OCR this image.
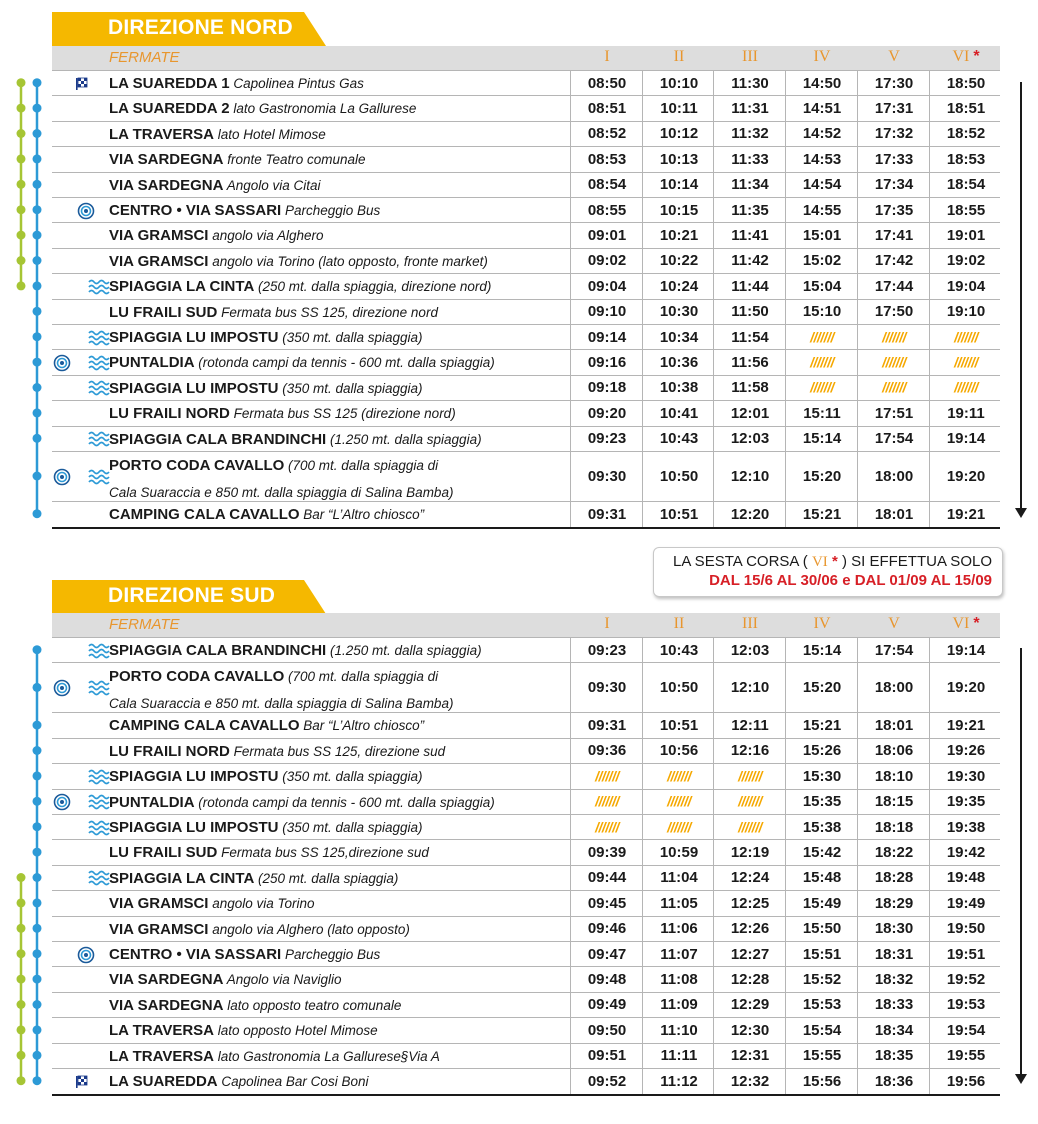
DIREZIONE NORD
FERMATE	I	II	III	IV	V	VI *
LA SUAREDDA 1 Capolinea Pintus Gas	08:50	10:10	11:30	14:50	17:30	18:50
LA SUAREDDA 2 lato Gastronomia La Gallurese	08:51	10:11	11:31	14:51	17:31	18:51
LA TRAVERSA lato Hotel Mimose	08:52	10:12	11:32	14:52	17:32	18:52
VIA SARDEGNA fronte Teatro comunale	08:53	10:13	11:33	14:53	17:33	18:53
VIA SARDEGNA Angolo via Citai	08:54	10:14	11:34	14:54	17:34	18:54
CENTRO • VIA SASSARI Parcheggio Bus	08:55	10:15	11:35	14:55	17:35	18:55
VIA GRAMSCI angolo via Alghero	09:01	10:21	11:41	15:01	17:41	19:01
VIA GRAMSCI angolo via Torino (lato opposto, fronte market)	09:02	10:22	11:42	15:02	17:42	19:02
SPIAGGIA LA CINTA (250 mt. dalla spiaggia, direzione nord)	09:04	10:24	11:44	15:04	17:44	19:04
LU FRAILI SUD Fermata bus SS 125, direzione nord	09:10	10:30	11:50	15:10	17:50	19:10
SPIAGGIA LU IMPOSTU (350 mt. dalla spiaggia)	09:14	10:34	11:54	///////	///////	///////
PUNTALDIA (rotonda campi da tennis - 600 mt. dalla spiaggia)	09:16	10:36	11:56	///////	///////	///////
SPIAGGIA LU IMPOSTU (350 mt. dalla spiaggia)	09:18	10:38	11:58	///////	///////	///////
LU FRAILI NORD Fermata bus SS 125 (direzione nord)	09:20	10:41	12:01	15:11	17:51	19:11
SPIAGGIA CALA BRANDINCHI (1.250 mt. dalla spiaggia)	09:23	10:43	12:03	15:14	17:54	19:14
PORTO CODA CAVALLO (700 mt. dalla spiaggia di
Cala Suaraccia e 850 mt. dalla spiaggia di Salina Bamba)
09:30	10:50	12:10	15:20	18:00	19:20
CAMPING CALA CAVALLO Bar “L’Altro chiosco”	09:31	10:51	12:20	15:21	18:01	19:21
LA SESTA CORSA ( VI * ) SI EFFETTUA SOLO
DAL 15/6 AL 30/06 e DAL 01/09 AL 15/09
DIREZIONE SUD
FERMATE	I	II	III	IV	V	VI *
SPIAGGIA CALA BRANDINCHI (1.250 mt. dalla spiaggia)	09:23	10:43	12:03	15:14	17:54	19:14
PORTO CODA CAVALLO (700 mt. dalla spiaggia di
Cala Suaraccia e 850 mt. dalla spiaggia di Salina Bamba)
09:30	10:50	12:10	15:20	18:00	19:20
CAMPING CALA CAVALLO Bar “L’Altro chiosco”	09:31	10:51	12:11	15:21	18:01	19:21
LU FRAILI NORD Fermata bus SS 125, direzione sud	09:36	10:56	12:16	15:26	18:06	19:26
SPIAGGIA LU IMPOSTU (350 mt. dalla spiaggia)	///////	///////	///////	15:30	18:10	19:30
PUNTALDIA (rotonda campi da tennis - 600 mt. dalla spiaggia)	///////	///////	///////	15:35	18:15	19:35
SPIAGGIA LU IMPOSTU (350 mt. dalla spiaggia)	///////	///////	///////	15:38	18:18	19:38
LU FRAILI SUD Fermata bus SS 125,direzione sud	09:39	10:59	12:19	15:42	18:22	19:42
SPIAGGIA LA CINTA (250 mt. dalla spiaggia)	09:44	11:04	12:24	15:48	18:28	19:48
VIA GRAMSCI angolo via Torino	09:45	11:05	12:25	15:49	18:29	19:49
VIA GRAMSCI angolo via Alghero (lato opposto)	09:46	11:06	12:26	15:50	18:30	19:50
CENTRO • VIA SASSARI Parcheggio Bus	09:47	11:07	12:27	15:51	18:31	19:51
VIA SARDEGNA Angolo via Naviglio	09:48	11:08	12:28	15:52	18:32	19:52
VIA SARDEGNA lato opposto teatro comunale	09:49	11:09	12:29	15:53	18:33	19:53
LA TRAVERSA lato opposto Hotel Mimose	09:50	11:10	12:30	15:54	18:34	19:54
LA TRAVERSA lato Gastronomia La Gallurese§Via A	09:51	11:11	12:31	15:55	18:35	19:55
LA SUAREDDA Capolinea Bar Cosi Boni	09:52	11:12	12:32	15:56	18:36	19:56
